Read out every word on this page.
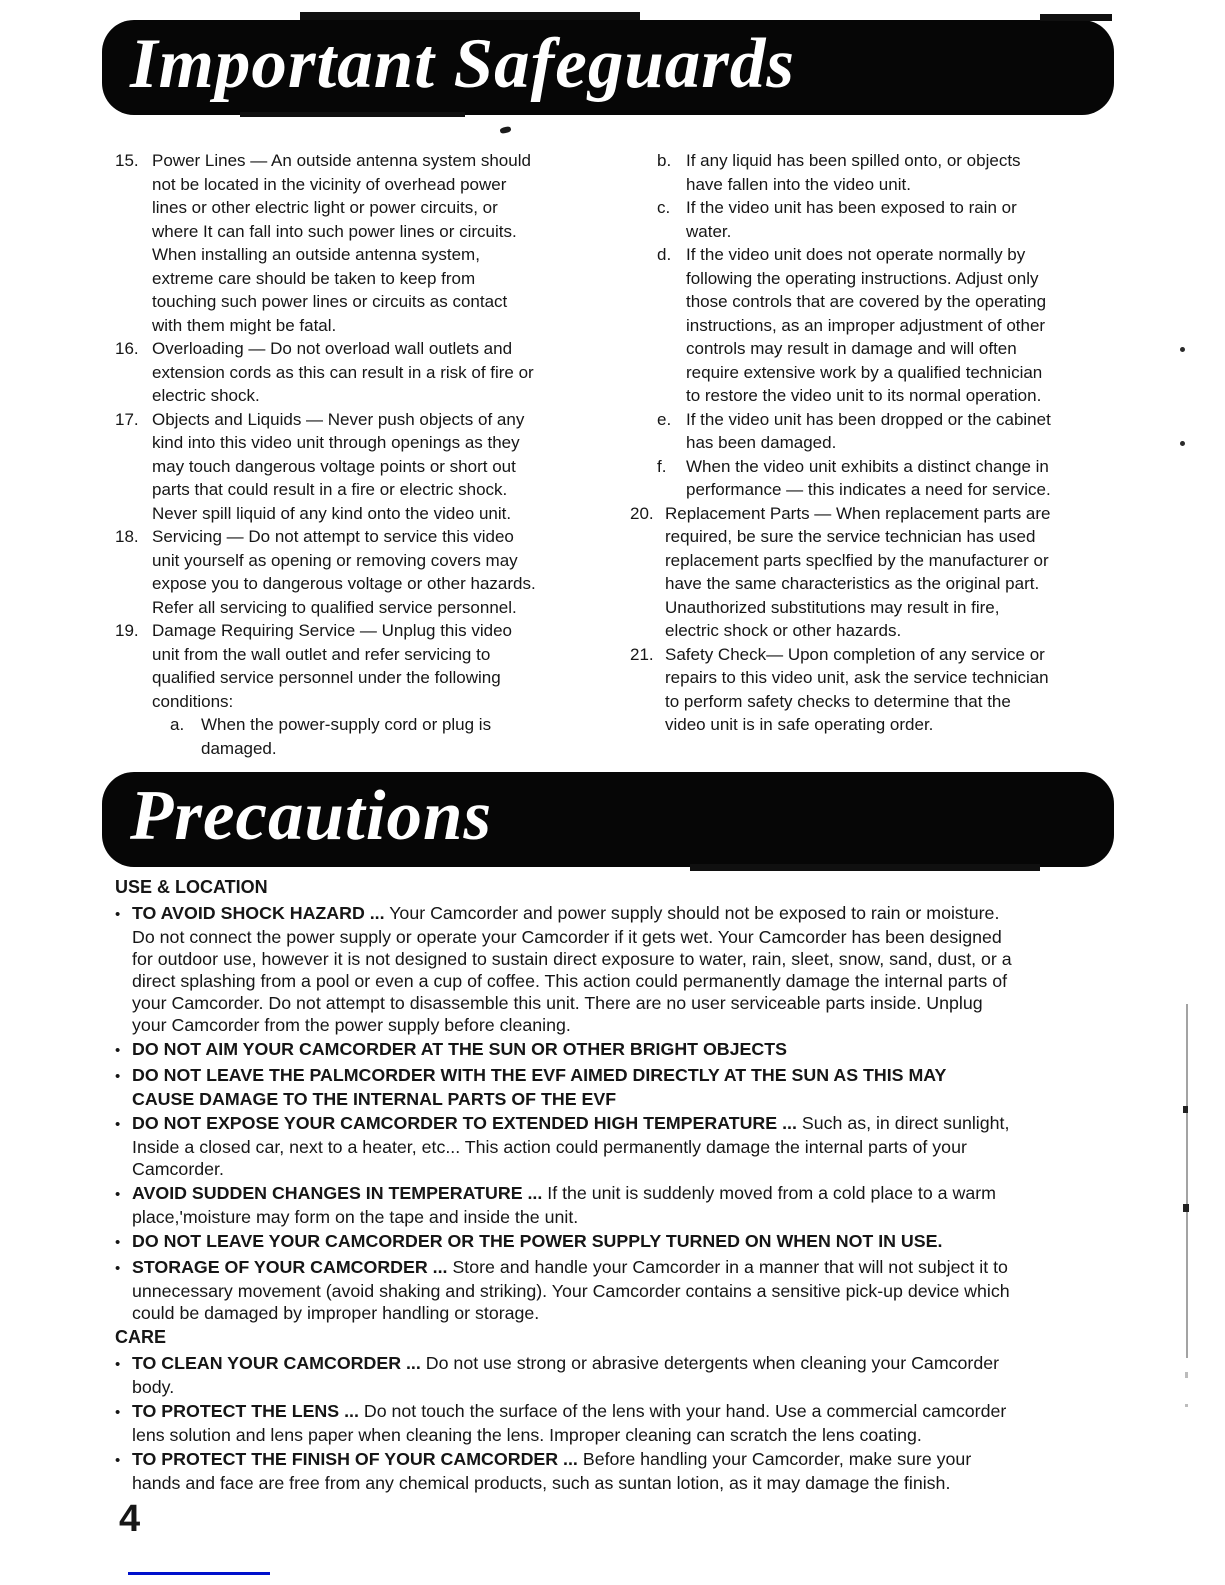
Important Safeguards
15. Power Lines — An outside antenna system should
not be located in the vicinity of overhead power
lines or other electric light or power circuits, or
where It can fall into such power lines or circuits.
When installing an outside antenna system,
extreme care should be taken to keep from
touching such power lines or circuits as contact
with them might be fatal.
16. Overloading — Do not overload wall outlets and
extension cords as this can result in a risk of fire or
electric shock.
17. Objects and Liquids — Never push objects of any
kind into this video unit through openings as they
may touch dangerous voltage points or short out
parts that could result in a fire or electric shock.
Never spill liquid of any kind onto the video unit.
18. Servicing — Do not attempt to service this video
unit yourself as opening or removing covers may
expose you to dangerous voltage or other hazards.
Refer all servicing to qualified service personnel.
19. Damage Requiring Service — Unplug this video
unit from the wall outlet and refer servicing to
qualified service personnel under the following
conditions:
a. When the power-supply cord or plug is
damaged.
b. If any liquid has been spilled onto, or objects
have fallen into the video unit.
c. If the video unit has been exposed to rain or
water.
d. If the video unit does not operate normally by
following the operating instructions. Adjust only
those controls that are covered by the operating
instructions, as an improper adjustment of other
controls may result in damage and will often
require extensive work by a qualified technician
to restore the video unit to its normal operation.
e. If the video unit has been dropped or the cabinet
has been damaged.
f.	When the video unit exhibits a distinct change in
performance — this indicates a need for service.
20. Replacement Parts — When replacement parts are
required, be sure the service technician has used
replacement parts speclfied by the manufacturer or
have the same characteristics as the original part.
Unauthorized substitutions may result in fire,
electric shock or other hazards.
21. Safety Check— Upon completion of any service or
repairs to this video unit, ask the service technician
to perform safety checks to determine that the
video unit is in safe operating order.
Precautions
USE & LOCATION
• TO AVOID SHOCK HAZARD ... Your Camcorder and power supply should not be exposed to rain or moisture.
Do not connect the power supply or operate your Camcorder if it gets wet. Your Camcorder has been designed
for outdoor use, however it is not designed to sustain direct exposure to water, rain, sleet, snow, sand, dust, or a
direct splashing from a pool or even a cup of coffee. This action could permanently damage the internal parts of
your Camcorder. Do not attempt to disassemble this unit. There are no user serviceable parts inside. Unplug
your Camcorder from the power supply before cleaning.
• DO NOT AIM YOUR CAMCORDER AT THE SUN OR OTHER BRIGHT OBJECTS
• DO NOT LEAVE THE PALMCORDER WITH THE EVF AIMED DIRECTLY AT THE SUN AS THIS MAY
CAUSE DAMAGE TO THE INTERNAL PARTS OF THE EVF
• DO NOT EXPOSE YOUR CAMCORDER TO EXTENDED HIGH TEMPERATURE ... Such as, in direct sunlight,
Inside a closed car, next to a heater, etc... This action could permanently damage the internal parts of your
Camcorder.
• AVOID SUDDEN CHANGES IN TEMPERATURE ... If the unit is suddenly moved from a cold place to a warm
place,'moisture may form on the tape and inside the unit.
• DO NOT LEAVE YOUR CAMCORDER OR THE POWER SUPPLY TURNED ON WHEN NOT IN USE.
• STORAGE OF YOUR CAMCORDER ... Store and handle your Camcorder in a manner that will not subject it to
unnecessary movement (avoid shaking and striking). Your Camcorder contains a sensitive pick-up device which
could be damaged by improper handling or storage.
CARE
• TO CLEAN YOUR CAMCORDER ... Do not use strong or abrasive detergents when cleaning your Camcorder
body.
• TO PROTECT THE LENS ... Do not touch the surface of the lens with your hand. Use a commercial camcorder
lens solution and lens paper when cleaning the lens. Improper cleaning can scratch the lens coating.
• TO PROTECT THE FINISH OF YOUR CAMCORDER ... Before handling your Camcorder, make sure your
hands and face are free from any chemical products, such as suntan lotion, as it may damage the finish.
4
